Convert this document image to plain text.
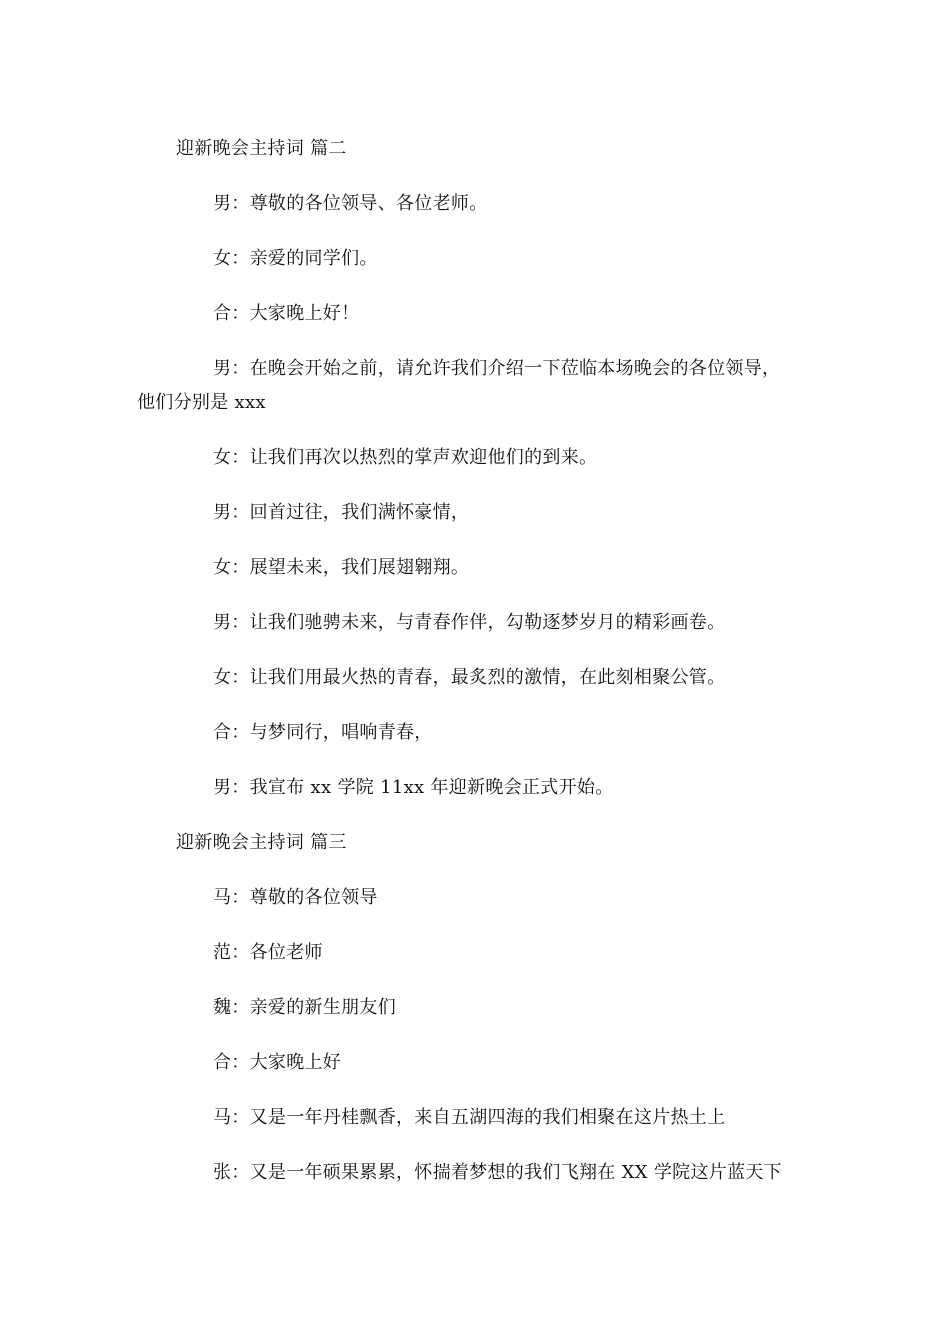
迎新晚会主持词 篇二
男：尊敬的各位领导、各位老师。
女：亲爱的同学们。
合：大家晚上好！
男：在晚会开始之前，请允许我们介绍一下莅临本场晚会的各位领导，
他们分别是 xxx
女：让我们再次以热烈的掌声欢迎他们的到来。
男：回首过往，我们满怀豪情，
女：展望未来，我们展翅翱翔。
男：让我们驰骋未来，与青春作伴，勾勒逐梦岁月的精彩画卷。
女：让我们用最火热的青春，最炙烈的激情，在此刻相聚公管。
合：与梦同行，唱响青春，
男：我宣布 xx 学院 11xx 年迎新晚会正式开始。
迎新晚会主持词 篇三
马：尊敬的各位领导
范：各位老师
魏：亲爱的新生朋友们
合：大家晚上好
马：又是一年丹桂飘香，来自五湖四海的我们相聚在这片热土上
张：又是一年硕果累累，怀揣着梦想的我们飞翔在 XX 学院这片蓝天下
